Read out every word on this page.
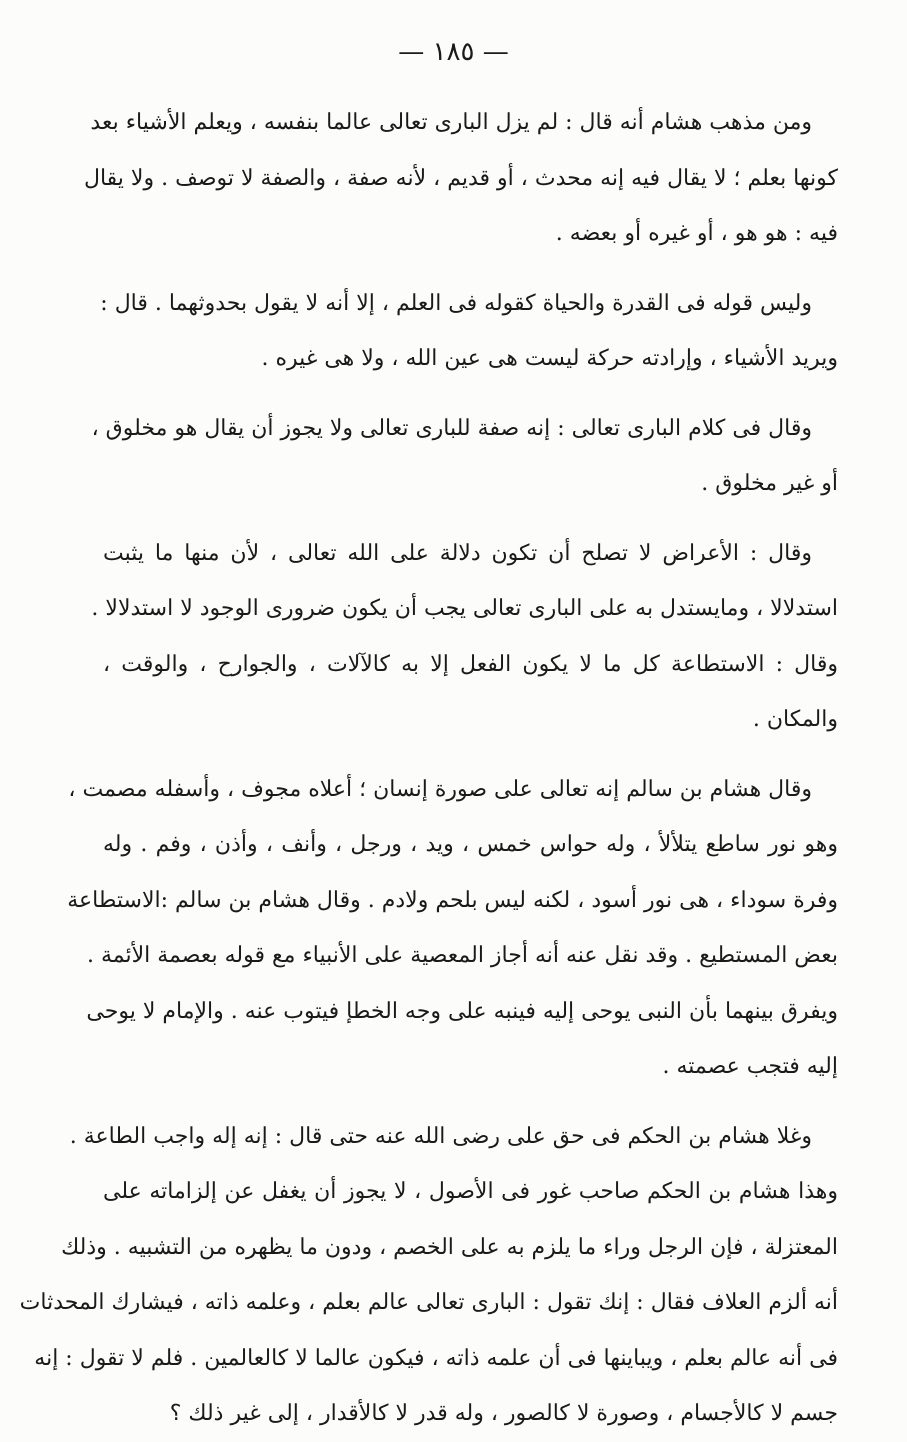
— ١٨٥ —
ومن مذهب هشام أنه قال : لم يزل البارى تعالى عالما بنفسه ، ويعلم الأشياء بعد
كونها بعلم ؛ لا يقال فيه إنه محدث ، أو قديم ، لأنه صفة ، والصفة لا توصف . ولا يقال
فيه : هو هو ، أو غيره أو بعضه .
وليس قوله فى القدرة والحياة كقوله فى العلم ، إلا أنه لا يقول بحدوثهما . قال :
ويريد الأشياء ، وإرادته حركة ليست هى عين الله ، ولا هى غيره .
وقال فى كلام البارى تعالى : إنه صفة للبارى تعالى ولا يجوز أن يقال هو مخلوق ،
أو غير مخلوق .
وقال : الأعراض لا تصلح أن تكون دلالة على الله تعالى ، لأن منها ما يثبت
استدلالا ، ومايستدل به على البارى تعالى يجب أن يكون ضرورى الوجود لا استدلالا .
وقال : الاستطاعة كل ما لا يكون الفعل إلا به كالآلات ، والجوارح ، والوقت ،
والمكان .
وقال هشام بن سالم إنه تعالى على صورة إنسان ؛ أعلاه مجوف ، وأسفله مصمت ،
وهو نور ساطع يتلألأ ، وله حواس خمس ، ويد ، ورجل ، وأنف ، وأذن ، وفم . وله
وفرة سوداء ، هى نور أسود ، لكنه ليس بلحم ولادم . وقال هشام بن سالم :الاستطاعة
بعض المستطيع . وقد نقل عنه أنه أجاز المعصية على الأنبياء مع قوله بعصمة الأئمة .
ويفرق بينهما بأن النبى يوحى إليه فينبه على وجه الخطإ فيتوب عنه . والإمام لا يوحى
إليه فتجب عصمته .
وغلا هشام بن الحكم فى حق على رضى الله عنه حتى قال : إنه إله واجب الطاعة .
وهذا هشام بن الحكم صاحب غور فى الأصول ، لا يجوز أن يغفل عن إلزاماته على
المعتزلة ، فإن الرجل وراء ما يلزم به على الخصم ، ودون ما يظهره من التشبيه . وذلك
أنه ألزم العلاف فقال : إنك تقول : البارى تعالى عالم بعلم ، وعلمه ذاته ، فيشارك المحدثات
فى أنه عالم بعلم ، ويباينها فى أن علمه ذاته ، فيكون عالما لا كالعالمين . فلم لا تقول : إنه
جسم لا كالأجسام ، وصورة لا كالصور ، وله قدر لا كالأقدار ، إلى غير ذلك ؟
